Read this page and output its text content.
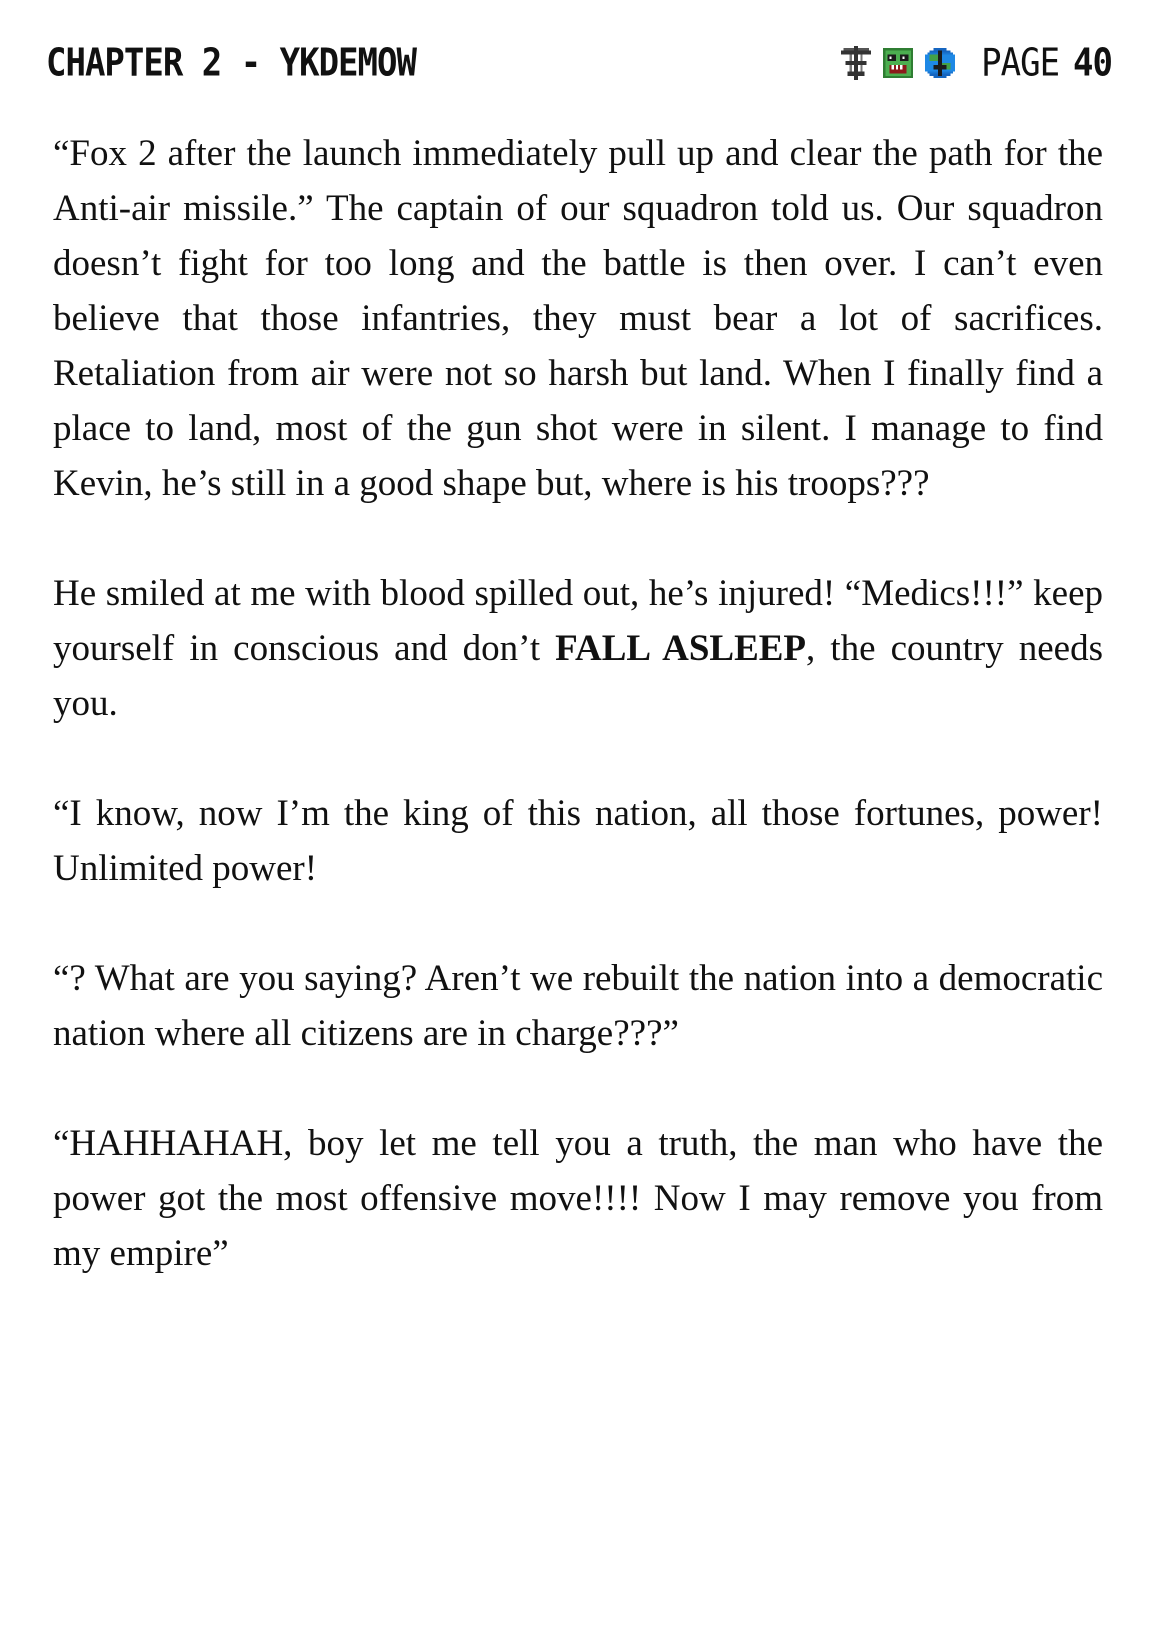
CHAPTER 2 - YKDEMOW	PAGE 40

“Fox 2 after the launch immediately pull up and clear the path for the Anti-air missile.” The captain of our squadron told us. Our squadron doesn’t fight for too long and the battle is then over. I can’t even believe that those infantries, they must bear a lot of sacrifices. Retaliation from air were not so harsh but land. When I finally find a place to land, most of the gun shot were in silent. I manage to find Kevin, he’s still in a good shape but, where is his troops???

He smiled at me with blood spilled out, he’s injured! “Medics!!!” keep yourself in conscious and don’t FALL ASLEEP, the country needs you.

“I know, now I’m the king of this nation, all those fortunes, power! Unlimited power!

“? What are you saying? Aren’t we rebuilt the nation into a democratic nation where all citizens are in charge???”

“HAHHAHAH, boy let me tell you a truth, the man who have the power got the most offensive move!!!! Now I may remove you from my empire”
